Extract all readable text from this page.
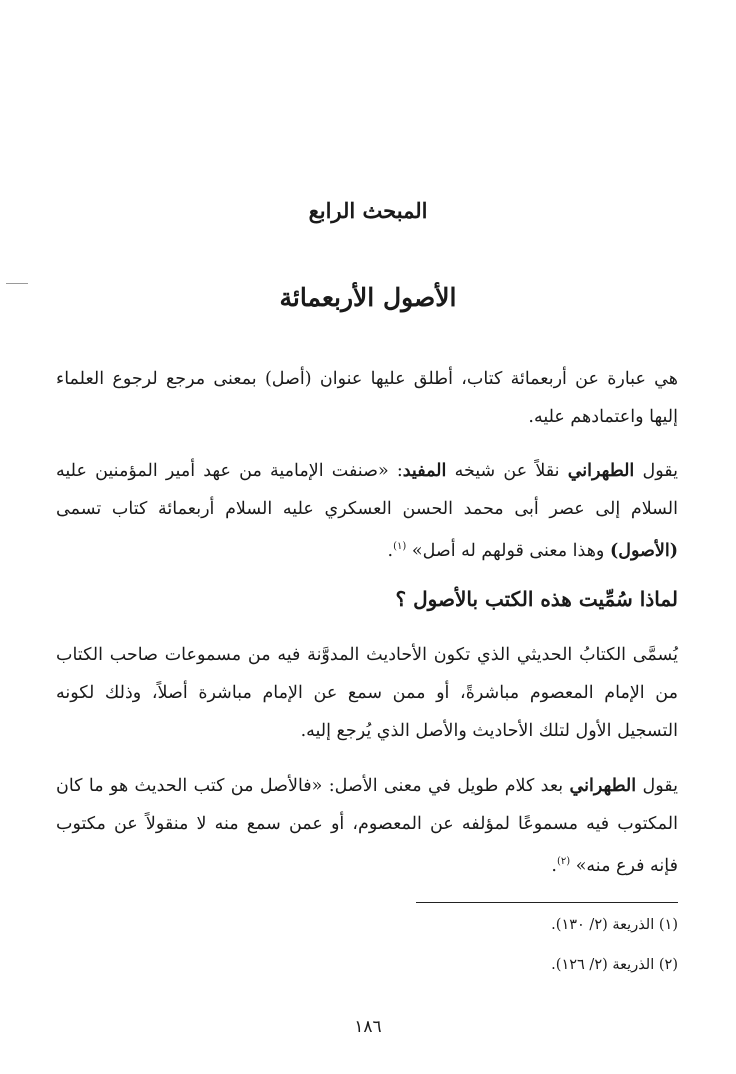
المبحث الرابع
الأصول الأربعمائة

هي عبارة عن أربعمائة كتاب، أطلق عليها عنوان (أصل) بمعنى مرجع لرجوع العلماء إليها واعتمادهم عليه.

يقول الطهراني نقلاً عن شيخه المفيد: «صنفت الإمامية من عهد أمير المؤمنين عليه السلام إلى عصر أبى محمد الحسن العسكري عليه السلام أربعمائة كتاب تسمى (الأصول) وهذا معنى قولهم له أصل» $^{(١)}$.

لماذا سُمِّيت هذه الكتب بالأصول ؟

يُسمَّى الكتابُ الحديثي الذي تكون الأحاديث المدوَّنة فيه من مسموعات صاحب الكتاب من الإمام المعصوم مباشرةً، أو ممن سمع عن الإمام مباشرة أصلاً، وذلك لكونه التسجيل الأول لتلك الأحاديث والأصل الذي يُرجع إليه.

يقول الطهراني بعد كلام طويل في معنى الأصل: «فالأصل من كتب الحديث هو ما كان المكتوب فيه مسموعًا لمؤلفه عن المعصوم، أو عمن سمع منه لا منقولاً عن مكتوب فإنه فرع منه» $^{(٢)}$.

(١) الذريعة (٢/ ١٣٠).

(٢) الذريعة (٢/ ١٢٦).

١٨٦
